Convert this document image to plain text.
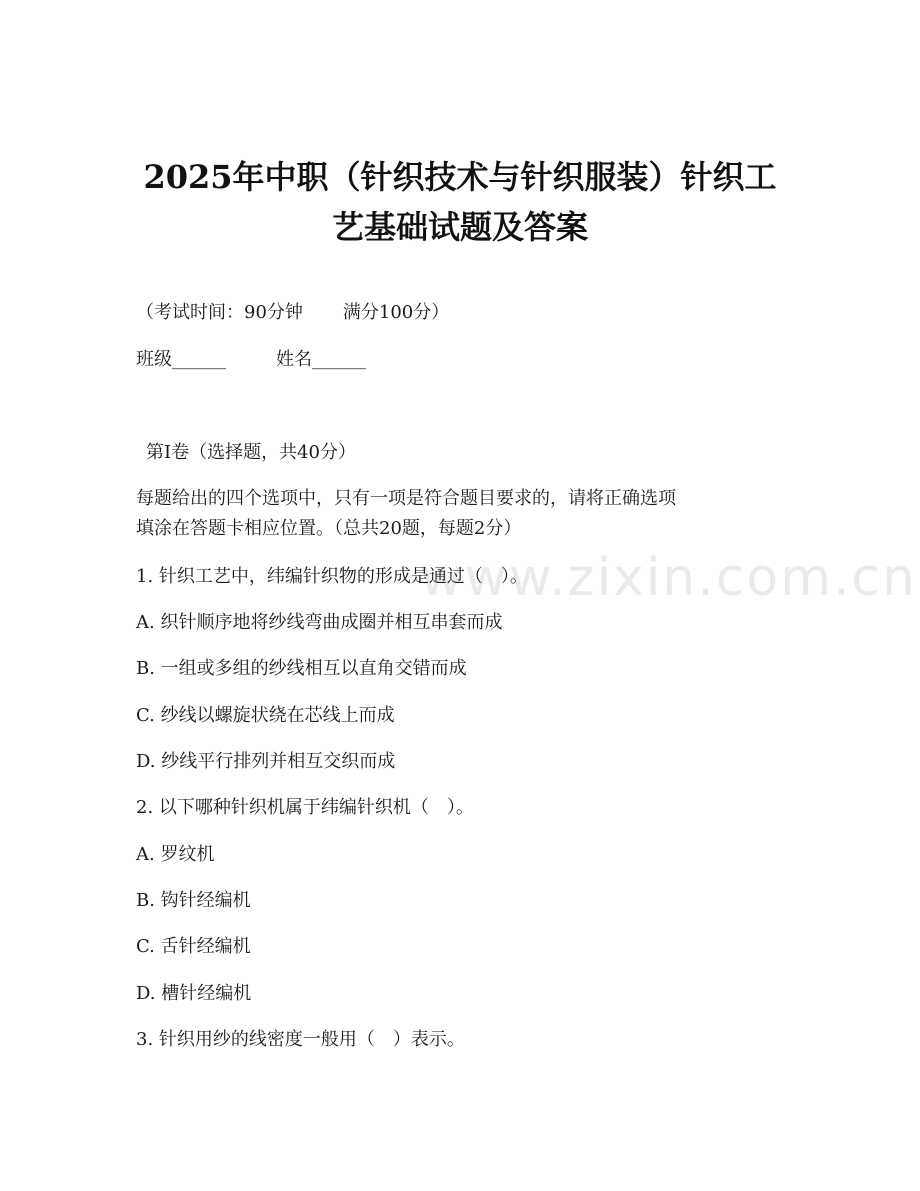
www.zixin.com.cn
2025年中职（针织技术与针织服装）针织工
艺基础试题及答案
（考试时间：90分钟 满分100分）
班级______	姓名______
第I卷（选择题，共40分）
每题给出的四个选项中，只有一项是符合题目要求的，请将正确选项
填涂在答题卡相应位置。（总共20题，每题2分）
1. 针织工艺中，纬编针织物的形成是通过（　）。
A. 织针顺序地将纱线弯曲成圈并相互串套而成
B. 一组或多组的纱线相互以直角交错而成
C. 纱线以螺旋状绕在芯线上而成
D. 纱线平行排列并相互交织而成
2. 以下哪种针织机属于纬编针织机（　）。
A. 罗纹机
B. 钩针经编机
C. 舌针经编机
D. 槽针经编机
3. 针织用纱的线密度一般用（　）表示。
